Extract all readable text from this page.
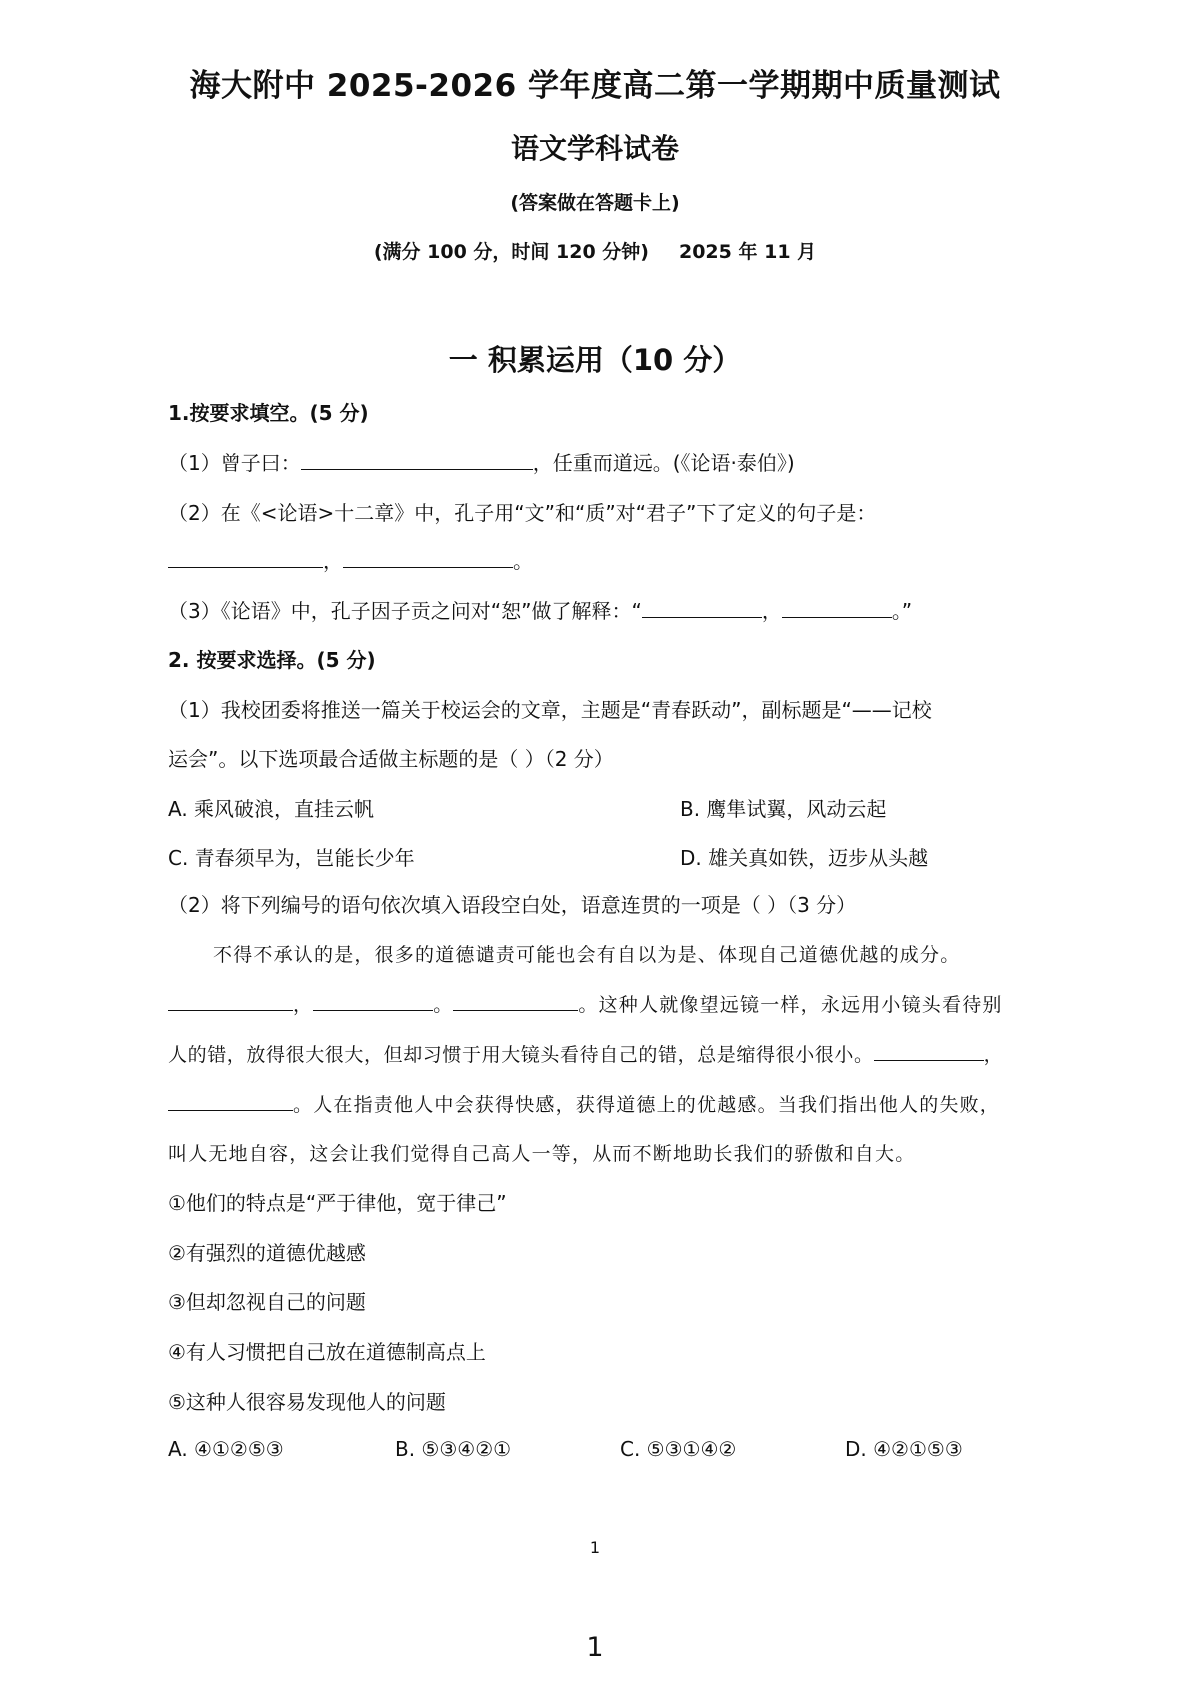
海大附中 2025-2026 学年度高二第一学期期中质量测试
语文学科试卷
(答案做在答题卡上)
(满分 100 分，时间 120 分钟) 2025 年 11 月
一 积累运用（10 分）
1.按要求填空。(5 分)
（1）曾子曰：	，任重而道远。(《论语·泰伯》)
（2）在《<论语>十二章》中，孔子用“文”和“质”对“君子”下了定义的句子是：
，	。
（3）《论语》中，孔子因子贡之问对“恕”做了解释：“	，	。”
2. 按要求选择。(5 分)
（1）我校团委将推送一篇关于校运会的文章，主题是“青春跃动”，副标题是“——记校
运会”。以下选项最合适做主标题的是（ ）（2 分）
A. 乘风破浪，直挂云帆	B. 鹰隼试翼，风动云起
C. 青春须早为，岂能长少年	D. 雄关真如铁，迈步从头越
（2）将下列编号的语句依次填入语段空白处，语意连贯的一项是（ ）（3 分）
不得不承认的是，很多的道德谴责可能也会有自以为是、体现自己道德优越的成分。
，	。	。这种人就像望远镜一样，永远用小镜头看待别
人的错，放得很大很大，但却习惯于用大镜头看待自己的错，总是缩得很小很小。	，
。人在指责他人中会获得快感，获得道德上的优越感。当我们指出他人的失败，
叫人无地自容，这会让我们觉得自己高人一等，从而不断地助长我们的骄傲和自大。
①他们的特点是“严于律他，宽于律己”
②有强烈的道德优越感
③但却忽视自己的问题
④有人习惯把自己放在道德制高点上
⑤这种人很容易发现他人的问题
A. ④①②⑤③	B. ⑤③④②①	C. ⑤③①④②	D. ④②①⑤③
1
1
